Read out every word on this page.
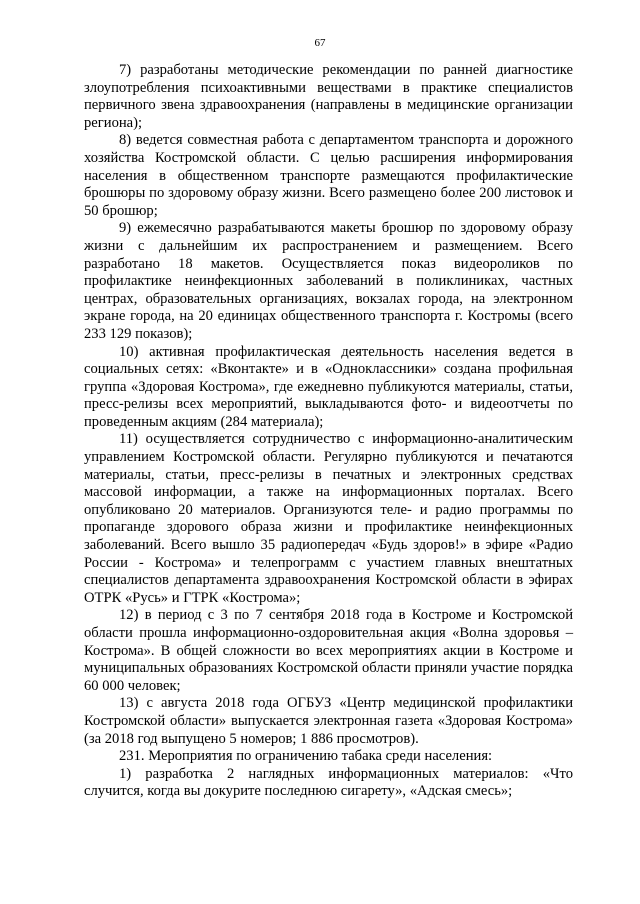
67

7) разработаны методические рекомендации по ранней диагностике злоупотребления психоактивными веществами в практике специалистов первичного звена здравоохранения (направлены в медицинские организации региона);

8) ведется совместная работа с департаментом транспорта и дорожного хозяйства Костромской области. С целью расширения информирования населения в общественном транспорте размещаются профилактические брошюры по здоровому образу жизни. Всего размещено более 200 листовок и 50 брошюр;

9) ежемесячно разрабатываются макеты брошюр по здоровому образу жизни с дальнейшим их распространением и размещением. Всего разработано 18 макетов. Осуществляется показ видеороликов по профилактике неинфекционных заболеваний в поликлиниках, частных центрах, образовательных организациях, вокзалах города, на электронном экране города, на 20 единицах общественного транспорта г. Костромы (всего 233 129 показов);

10) активная профилактическая деятельность населения ведется в социальных сетях: «Вконтакте» и в «Одноклассники» создана профильная группа «Здоровая Кострома», где ежедневно публикуются материалы, статьи, пресс-релизы всех мероприятий, выкладываются фото- и видеоотчеты по проведенным акциям (284 материала);

11) осуществляется сотрудничество с информационно-аналитическим управлением Костромской области. Регулярно публикуются и печатаются материалы, статьи, пресс-релизы в печатных и электронных средствах массовой информации, а также на информационных порталах. Всего опубликовано 20 материалов. Организуются теле- и радио программы по пропаганде здорового образа жизни и профилактике неинфекционных заболеваний. Всего вышло 35 радиопередач «Будь здоров!» в эфире «Радио России - Кострома» и телепрограмм с участием главных внештатных специалистов департамента здравоохранения Костромской области в эфирах ОТРК «Русь» и ГТРК «Кострома»;

12) в период с 3 по 7 сентября 2018 года в Костроме и Костромской области прошла информационно-оздоровительная акция «Волна здоровья – Кострома». В общей сложности во всех мероприятиях акции в Костроме и муниципальных образованиях Костромской области приняли участие порядка 60 000 человек;

13) с августа 2018 года ОГБУЗ «Центр медицинской профилактики Костромской области» выпускается электронная газета «Здоровая Кострома» (за 2018 год выпущено 5 номеров; 1 886 просмотров).

231. Мероприятия по ограничению табака среди населения:

1) разработка 2 наглядных информационных материалов: «Что случится, когда вы докурите последнюю сигарету», «Адская смесь»;
